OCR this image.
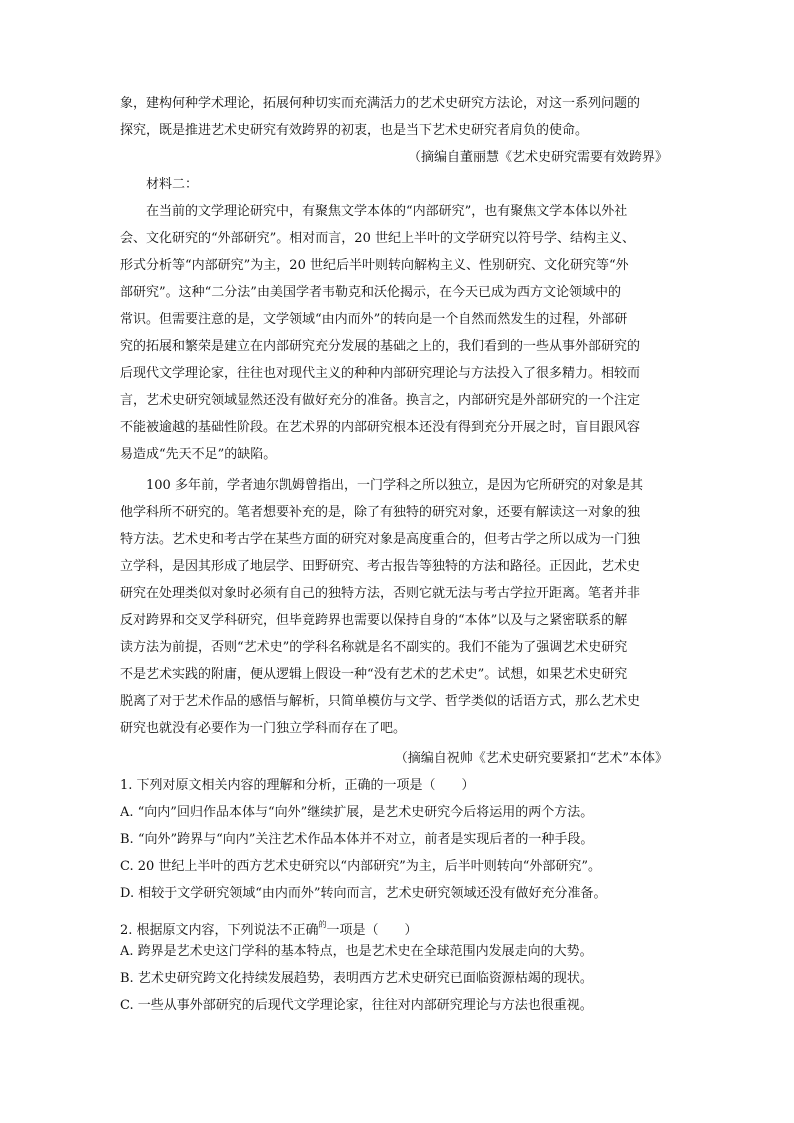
象，建构何种学术理论，拓展何种切实而充满活力的艺术史研究方法论，对这一系列问题的
探究，既是推进艺术史研究有效跨界的初衷，也是当下艺术史研究者肩负的使命。
（摘编自董丽慧《艺术史研究需要有效跨界》
材料二：
在当前的文学理论研究中，有聚焦文学本体的“内部研究”，也有聚焦文学本体以外社
会、文化研究的“外部研究”。相对而言，20 世纪上半叶的文学研究以符号学、结构主义、
形式分析等“内部研究”为主，20 世纪后半叶则转向解构主义、性别研究、文化研究等“外
部研究”。这种“二分法”由美国学者韦勒克和沃伦揭示，在今天已成为西方文论领域中的
常识。但需要注意的是，文学领域“由内而外”的转向是一个自然而然发生的过程，外部研
究的拓展和繁荣是建立在内部研究充分发展的基础之上的，我们看到的一些从事外部研究的
后现代文学理论家，往往也对现代主义的种种内部研究理论与方法投入了很多精力。相较而
言，艺术史研究领域显然还没有做好充分的准备。换言之，内部研究是外部研究的一个注定
不能被逾越的基础性阶段。在艺术界的内部研究根本还没有得到充分开展之时，盲目跟风容
易造成“先天不足”的缺陷。
100 多年前，学者迪尔凯姆曾指出，一门学科之所以独立，是因为它所研究的对象是其
他学科所不研究的。笔者想要补充的是，除了有独特的研究对象，还要有解读这一对象的独
特方法。艺术史和考古学在某些方面的研究对象是高度重合的，但考古学之所以成为一门独
立学科，是因其形成了地层学、田野研究、考古报告等独特的方法和路径。正因此，艺术史
研究在处理类似对象时必须有自己的独特方法，否则它就无法与考古学拉开距离。笔者并非
反对跨界和交叉学科研究，但毕竟跨界也需要以保持自身的“本体”以及与之紧密联系的解
读方法为前提，否则“艺术史”的学科名称就是名不副实的。我们不能为了强调艺术史研究
不是艺术实践的附庸，便从逻辑上假设一种“没有艺术的艺术史”。试想，如果艺术史研究
脱离了对于艺术作品的感悟与解析，只简单模仿与文学、哲学类似的话语方式，那么艺术史
研究也就没有必要作为一门独立学科而存在了吧。
（摘编自祝帅《艺术史研究要紧扣“艺术”本体》
1. 下列对原文相关内容的理解和分析，正确的一项是（　　）
A. “向内”回归作品本体与“向外”继续扩展，是艺术史研究今后将运用的两个方法。
B. “向外”跨界与“向内”关注艺术作品本体并不对立，前者是实现后者的一种手段。
C. 20 世纪上半叶的西方艺术史研究以“内部研究”为主，后半叶则转向“外部研究”。
D. 相较于文学研究领域“由内而外”转向而言，艺术史研究领域还没有做好充分准备。
2. 根据原文内容，下列说法不正确$^的$一项是（　　）
A. 跨界是艺术史这门学科的基本特点，也是艺术史在全球范围内发展走向的大势。
B. 艺术史研究跨文化持续发展趋势，表明西方艺术史研究已面临资源枯竭的现状。
C. 一些从事外部研究的后现代文学理论家，往往对内部研究理论与方法也很重视。
